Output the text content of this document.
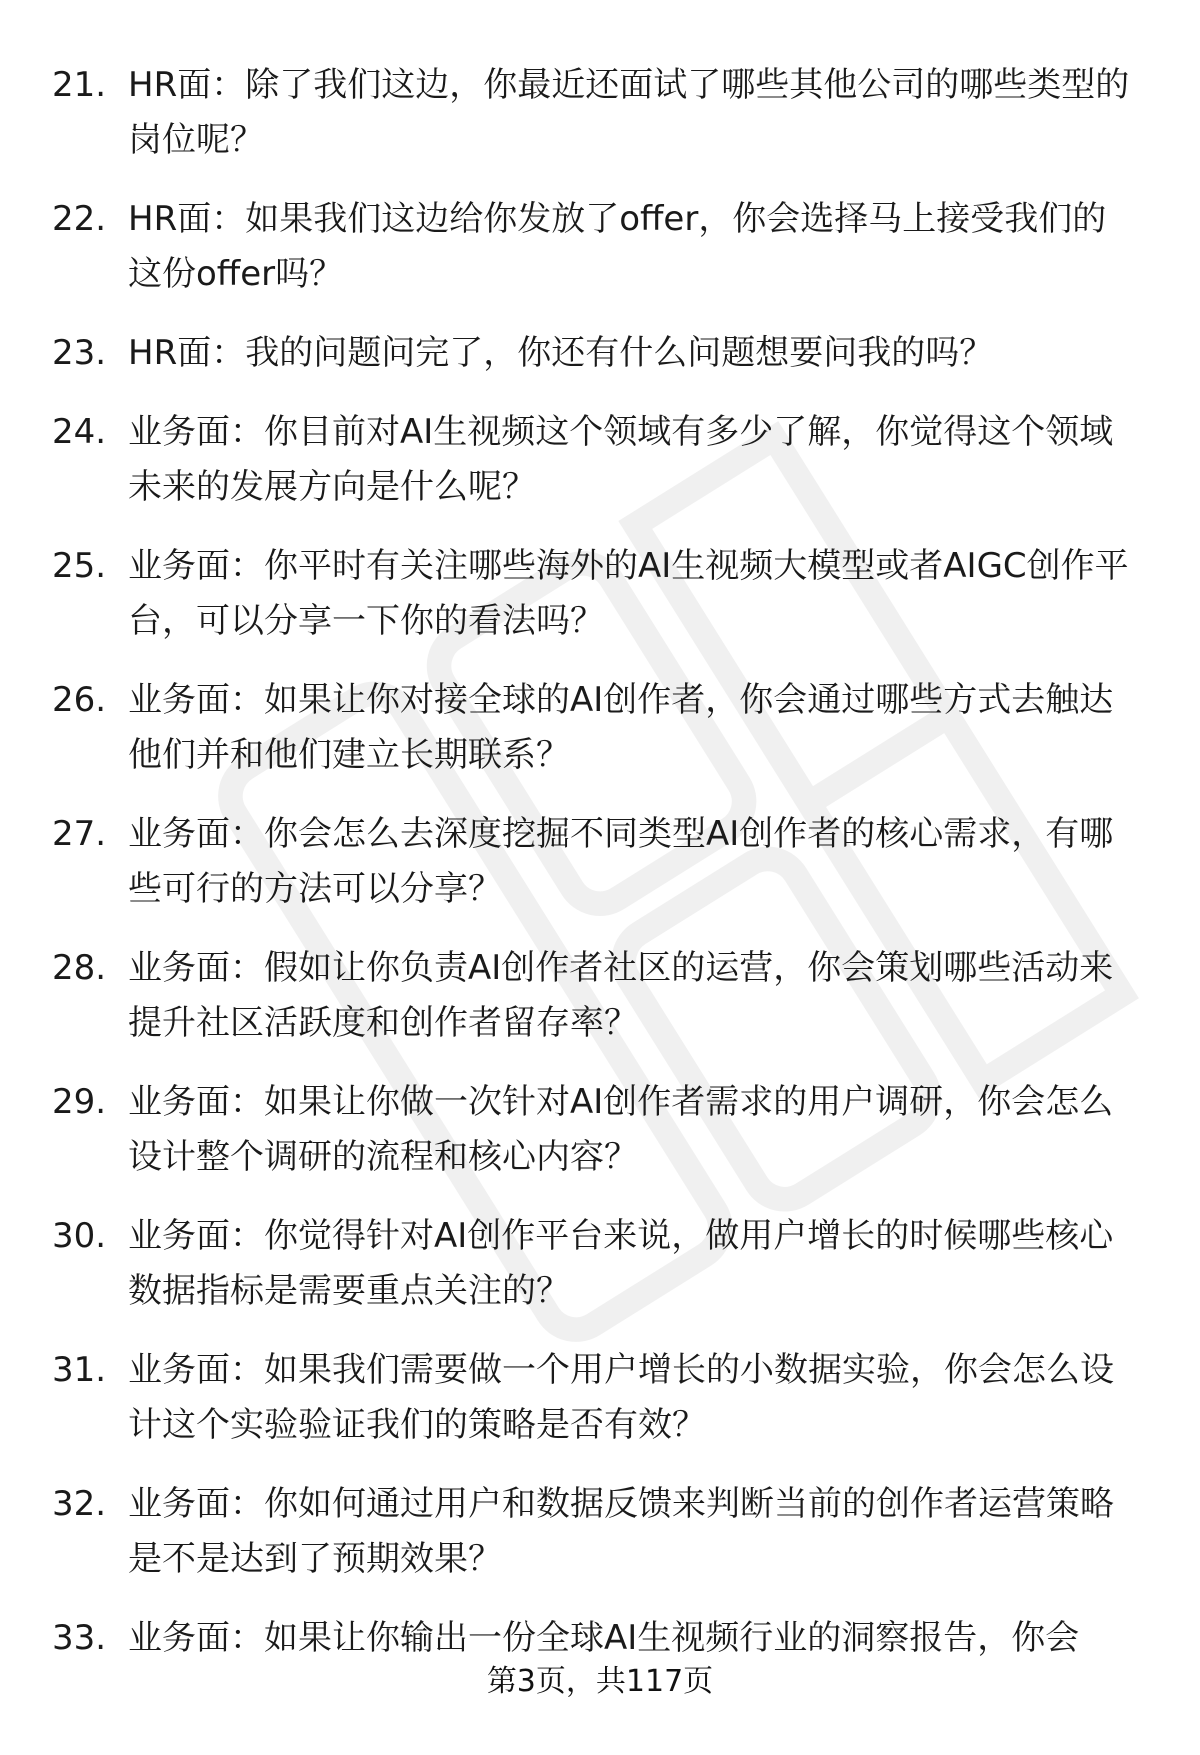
21. HR面：除了我们这边，你最近还面试了哪些其他公司的哪些类型的岗位呢？
22. HR面：如果我们这边给你发放了offer，你会选择马上接受我们的这份offer吗？
23. HR面：我的问题问完了，你还有什么问题想要问我的吗？
24. 业务面：你目前对AI生视频这个领域有多少了解，你觉得这个领域未来的发展方向是什么呢？
25. 业务面：你平时有关注哪些海外的AI生视频大模型或者AIGC创作平台，可以分享一下你的看法吗？
26. 业务面：如果让你对接全球的AI创作者，你会通过哪些方式去触达他们并和他们建立长期联系？
27. 业务面：你会怎么去深度挖掘不同类型AI创作者的核心需求，有哪些可行的方法可以分享？
28. 业务面：假如让你负责AI创作者社区的运营，你会策划哪些活动来提升社区活跃度和创作者留存率？
29. 业务面：如果让你做一次针对AI创作者需求的用户调研，你会怎么设计整个调研的流程和核心内容？
30. 业务面：你觉得针对AI创作平台来说，做用户增长的时候哪些核心数据指标是需要重点关注的？
31. 业务面：如果我们需要做一个用户增长的小数据实验，你会怎么设计这个实验验证我们的策略是否有效？
32. 业务面：你如何通过用户和数据反馈来判断当前的创作者运营策略是不是达到了预期效果？
33. 业务面：如果让你输出一份全球AI生视频行业的洞察报告，你会
第3页，共117页
